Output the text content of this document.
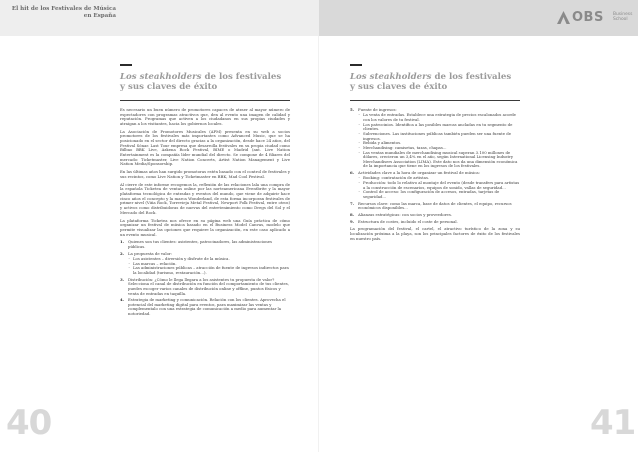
El hit de los Festivales de Música en España	OBS Business
School
Los steakholders de los festivales
y sus claves de éxito

Es necesario un buen número de promotores capaces de atraer al mayor número de espectadores con programas atractivos que, den al evento una imagen de calidad y reputación. Programas que activen a los ciudadanos en sus propias ciudades y atraigan a los visitantes, hacia los gobiernos locales.

La Asociación de Promotores Musicales (APM) presenta en su web a socios promotores de los festivales más importantes como Advanced Music, que se ha posicionado en el sector del directo gracias a la organización, desde hace 24 años, del Festival Sónar. Last Tour empresa que desarrolla festivales en su propia ciudad como Bilbao BBK Live, Azkena Rock Festival, BIME o Madrid (ant. Live Nation Entertainment es la compañía líder mundial del directo. Se compone de 4 filiares del mercado: Ticketmaster, Live Nation Concerts, Artist Nation Management y Live Nation Media/Sponsorship.

En las últimas años han surgido promotoras estén basado con el control de festivales y sus recintos, como Live Nation y Ticketmaster en BBK, Mad Cool Festival.

Al cierre de este informe recogemos la, reflexión de las relaciones lala una compra de la española Ticketea de ventas online por las norteamericana Eventbrite y la mayor plataforma tecnológica de entradas y eventos del mundo, que viene de adquirir hace cinco años el concepto y la marca Wonderland, de esta forma incorporan festivales de primer nivel (Viña Rock, Torrevieja Metal Festival, Newport Folk Festival, entre otros) y activos como distribuidoras de nuevas del entretenimiento como Dregs del Sol y el Mercado del Rock.

La plataforma Ticketea nos ofrece en su página web una Guía práctica de cómo organizar un festival de música basado en el Business Model Canvas, modelo que permite visualizar las opciones que requiere la organización, en este caso aplicado a un evento musical.

1. Quienes son tus clientes: asistentes, patrocinadores, las administraciones públicas.
2. La propuesta de valor:
- Los asistentes – diversión y disfrute de la música.
- Las marcas – relación.
- Las administraciones públicas – atracción de fuente de ingresos indirectos para la localidad (turismo, restauración...).
3. Distribución: ¿Cómo le llega llegara a los asistentes tu propuesta de valor? Selecciona el canal de distribución en función del comportamiento de tus clientes, puedes escoger varios canales de distribución online y offline, puntos físicos y venta de entradas en taquilla.
4. Estrategia de marketing y comunicación. Relación con los clientes. Aprovecha el potencial del marketing digital para eventos, para maximizar las ventas y complementalo con una estrategia de comunicación a medio para aumentar la notoriedad.
Los steakholders de los festivales
y sus claves de éxito
5. Fuente de ingresos:
- La venta de entradas. Establece una estrategia de precios escalonados acorde con los valores de tu festival.
- Los patrocinios. Identifica a las posibles marcas ancladas en tu segmento de clientes.
- Subvenciones. Las instituciones públicas también pueden ser una fuente de ingresos.
- Bebida y alimentos.
- Merchandising: camisetas, tazas, chapas...
- Las ventas mundiales de merchandising musical superan 3.100 millones de dólares, crecieron un 3,4% en el año, según International Licensing Industry Merchandisers Association (LIMA). Este dato nos da una dimensión económica de la importancia que tiene en los ingresos de los festivales.
6. Actividades clave a la hora de organizar un festival de música:
- Booking: contratación de artistas.
- Producción: todo lo relativo al montaje del evento (desde transfers para artistas a la construcción de escenarios, equipos de sonido, vallas de seguridad...
- Control de acceso: los configuración de accesos, entradas, tarjetas de seguridad...
7. Recursos clave: como las marca, base de datos de clientes, el equipo, recursos económicos disponibles...
8. Alianzas estratégicas: con socios y proveedores.
9. Estructura de costes, incluido el coste de personal.

La programación del festival, el cartel, el atractivo turístico de la zona y su localización próxima a la playa, son los principales factores de éxito de los festivales en nuestro país.

40	41
